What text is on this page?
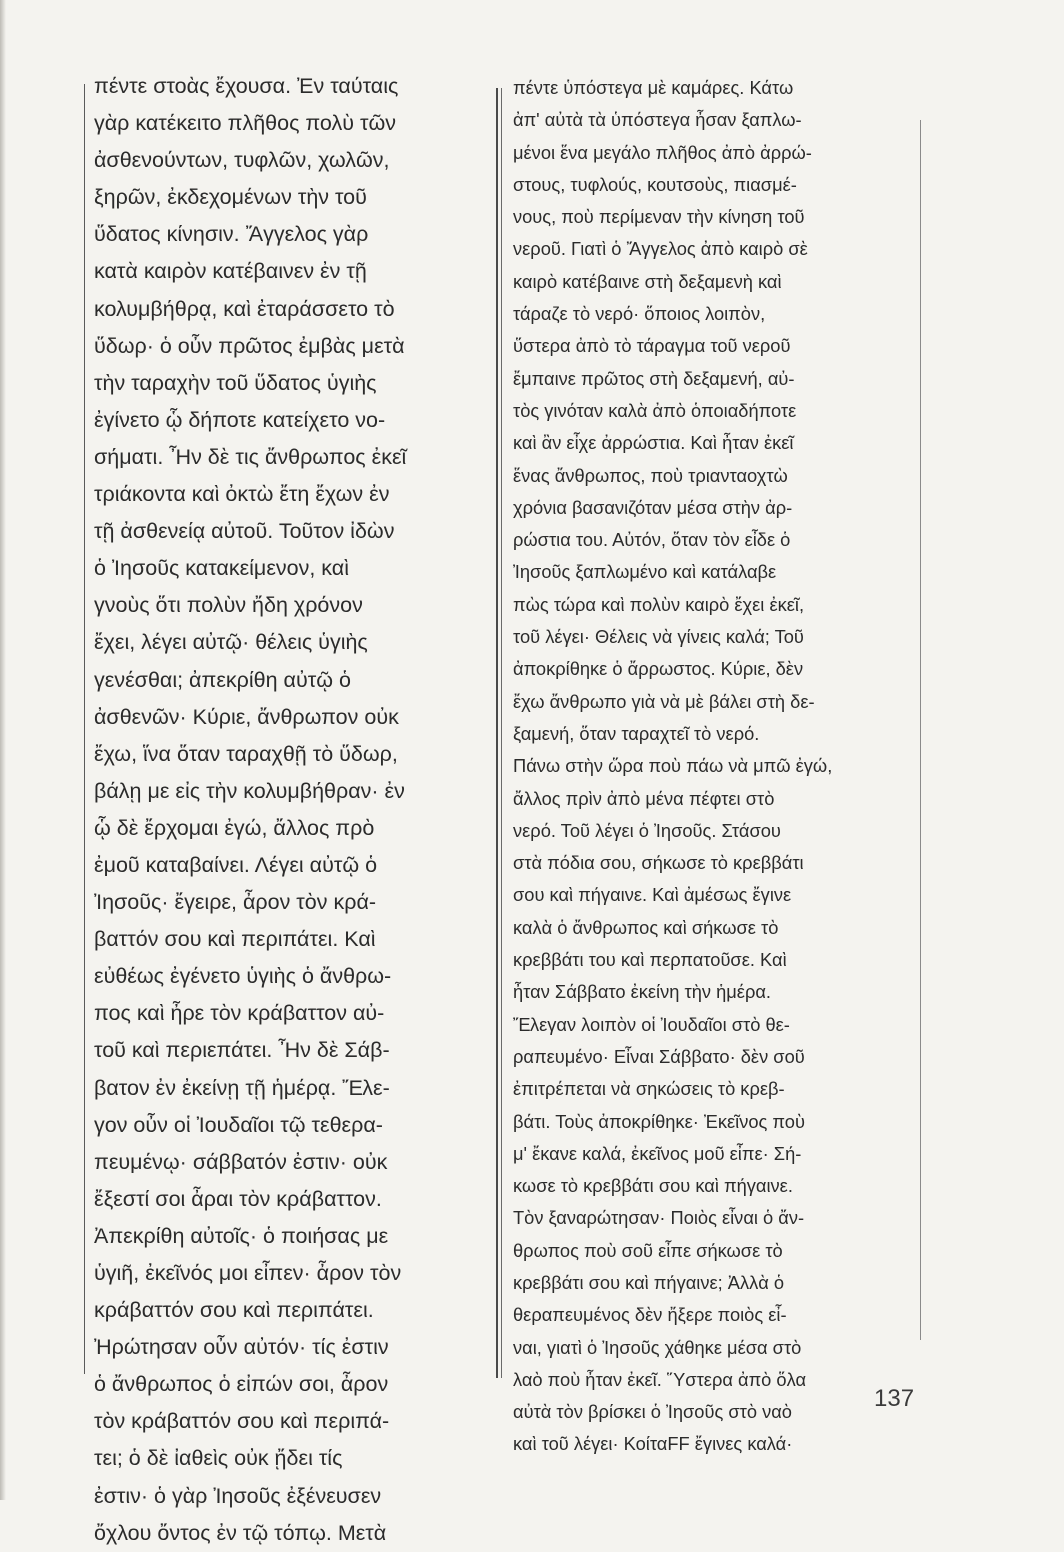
πέντε στοὰς ἔχουσα. Ἐν ταύταις
γὰρ κατέκειτο πλῆθος πολὺ τῶν
ἀσθενούντων, τυφλῶν, χωλῶν,
ξηρῶν, ἐκδεχομένων τὴν τοῦ
ὕδατος κίνησιν. Ἄγγελος γὰρ
κατὰ καιρὸν κατέβαινεν ἐν τῇ
κολυμβήθρᾳ, καὶ ἐταράσσετο τὸ
ὕδωρ· ὁ οὖν πρῶτος ἐμβὰς μετὰ
τὴν ταραχὴν τοῦ ὕδατος ὑγιὴς
ἐγίνετο ᾧ δήποτε κατείχετο νο-
σήματι. Ἦν δὲ τις ἄνθρωπος ἐκεῖ
τριάκοντα καὶ ὀκτὼ ἔτη ἔχων ἐν
τῇ ἀσθενείᾳ αὐτοῦ. Τοῦτον ἰδὼν
ὁ Ἰησοῦς κατακείμενον, καὶ
γνοὺς ὅτι πολὺν ἤδη χρόνον
ἔχει, λέγει αὐτῷ· θέλεις ὑγιὴς
γενέσθαι; ἀπεκρίθη αὐτῷ ὁ
ἀσθενῶν· Κύριε, ἄνθρωπον οὐκ
ἔχω, ἵνα ὅταν ταραχθῇ τὸ ὕδωρ,
βάλῃ με εἰς τὴν κολυμβήθραν· ἐν
ᾧ δὲ ἔρχομαι ἐγώ, ἄλλος πρὸ
ἐμοῦ καταβαίνει. Λέγει αὐτῷ ὁ
Ἰησοῦς· ἔγειρε, ἆρον τὸν κρά-
βαττόν σου καὶ περιπάτει. Καὶ
εὐθέως ἐγένετο ὑγιὴς ὁ ἄνθρω-
πος καὶ ἦρε τὸν κράβαττον αὐ-
τοῦ καὶ περιεπάτει. Ἦν δὲ Σάβ-
βατον ἐν ἐκείνῃ τῇ ἡμέρᾳ. Ἔλε-
γον οὖν οἱ Ἰουδαῖοι τῷ τεθερα-
πευμένῳ· σάββατόν ἐστιν· οὐκ
ἔξεστί σοι ἆραι τὸν κράβαττον.
Ἀπεκρίθη αὐτοῖς· ὁ ποιήσας με
ὑγιῆ, ἐκεῖνός μοι εἶπεν· ἆρον τὸν
κράβαττόν σου καὶ περιπάτει.
Ἠρώτησαν οὖν αὐτόν· τίς ἐστιν
ὁ ἄνθρωπος ὁ εἰπών σοι, ἆρον
τὸν κράβαττόν σου καὶ περιπά-
τει; ὁ δὲ ἰαθεὶς οὐκ ᾔδει τίς
ἐστιν· ὁ γὰρ Ἰησοῦς ἐξένευσεν
ὄχλου ὄντος ἐν τῷ τόπῳ. Μετὰ
πέντε ὑπόστεγα μὲ καμάρες. Κάτω
ἀπ' αὐτὰ τὰ ὑπόστεγα ἦσαν ξαπλω-
μένοι ἕνα μεγάλο πλῆθος ἀπὸ ἀρρώ-
στους, τυφλούς, κουτσοὺς, πιασμέ-
νους, ποὺ περίμεναν τὴν κίνηση τοῦ
νεροῦ. Γιατὶ ὁ Ἄγγελος ἀπὸ καιρὸ σὲ
καιρὸ κατέβαινε στὴ δεξαμενὴ καὶ
τάραζε τὸ νερό· ὅποιος λοιπὸν,
ὕστερα ἀπὸ τὸ τάραγμα τοῦ νεροῦ
ἔμπαινε πρῶτος στὴ δεξαμενή, αὐ-
τὸς γινόταν καλὰ ἀπὸ ὁποιαδήποτε
καὶ ἂν εἶχε ἀρρώστια. Καὶ ἦταν ἐκεῖ
ἕνας ἄνθρωπος, ποὺ τριανταοχτὼ
χρόνια βασανιζόταν μέσα στὴν ἀρ-
ρώστια του. Αὐτόν, ὅταν τὸν εἶδε ὁ
Ἰησοῦς ξαπλωμένο καὶ κατάλαβε
πὼς τώρα καὶ πολὺν καιρὸ ἔχει ἐκεῖ,
τοῦ λέγει· Θέλεις νὰ γίνεις καλά; Τοῦ
ἀποκρίθηκε ὁ ἄρρωστος. Κύριε, δὲν
ἔχω ἄνθρωπο γιὰ νὰ μὲ βάλει στὴ δε-
ξαμενή, ὅταν ταραχτεῖ τὸ νερό.
Πάνω στὴν ὥρα ποὺ πάω νὰ μπῶ ἐγώ,
ἄλλος πρὶν ἀπὸ μένα πέφτει στὸ
νερό. Τοῦ λέγει ὁ Ἰησοῦς. Στάσου
στὰ πόδια σου, σήκωσε τὸ κρεββάτι
σου καὶ πήγαινε. Καὶ ἀμέσως ἔγινε
καλὰ ὁ ἄνθρωπος καὶ σήκωσε τὸ
κρεββάτι του καὶ περπατοῦσε. Καὶ
ἦταν Σάββατο ἐκείνη τὴν ἡμέρα.
Ἔλεγαν λοιπὸν οἱ Ἰουδαῖοι στὸ θε-
ραπευμένο· Εἶναι Σάββατο· δὲν σοῦ
ἐπιτρέπεται νὰ σηκώσεις τὸ κρεβ-
βάτι. Τοὺς ἀποκρίθηκε· Ἐκεῖνος ποὺ
μ' ἔκανε καλά, ἐκεῖνος μοῦ εἶπε· Σή-
κωσε τὸ κρεββάτι σου καὶ πήγαινε.
Τὸν ξαναρώτησαν· Ποιὸς εἶναι ὁ ἄν-
θρωπος ποὺ σοῦ εἶπε σήκωσε τὸ
κρεββάτι σου καὶ πήγαινε; Ἀλλὰ ὁ
θεραπευμένος δὲν ἤξερε ποιὸς εἶ-
ναι, γιατὶ ὁ Ἰησοῦς χάθηκε μέσα στὸ
λαὸ ποὺ ἦταν ἐκεῖ. Ὕστερα ἀπὸ ὅλα
αὐτὰ τὸν βρίσκει ὁ Ἰησοῦς στὸ ναὸ
καὶ τοῦ λέγει· ΚοίταFF ἔγινες καλά·
137
